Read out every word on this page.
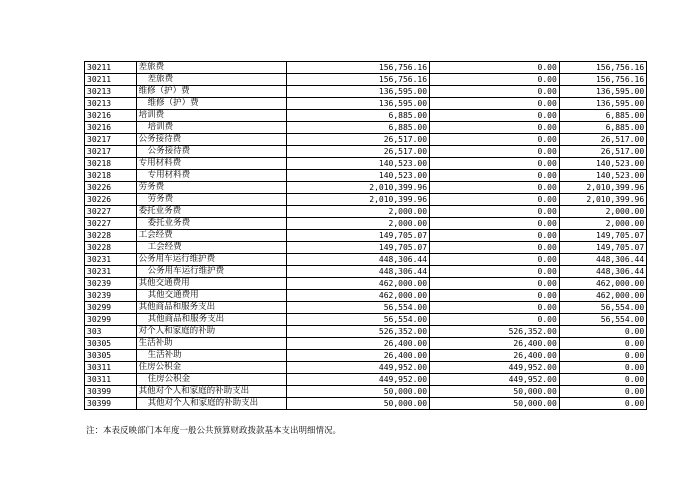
30211	差旅费	156,756.16	0.00	156,756.16	
30211	差旅费	156,756.16	0.00	156,756.16	
30213	维修（护）费	136,595.00	0.00	136,595.00	
30213	维修（护）费	136,595.00	0.00	136,595.00	
30216	培训费	6,885.00	0.00	6,885.00	
30216	培训费	6,885.00	0.00	6,885.00	
30217	公务接待费	26,517.00	0.00	26,517.00	
30217	公务接待费	26,517.00	0.00	26,517.00	
30218	专用材料费	140,523.00	0.00	140,523.00	
30218	专用材料费	140,523.00	0.00	140,523.00	
30226	劳务费	2,010,399.96	0.00	2,010,399.96	
30226	劳务费	2,010,399.96	0.00	2,010,399.96	
30227	委托业务费	2,000.00	0.00	2,000.00	
30227	委托业务费	2,000.00	0.00	2,000.00	
30228	工会经费	149,705.07	0.00	149,705.07	
30228	工会经费	149,705.07	0.00	149,705.07	
30231	公务用车运行维护费	448,306.44	0.00	448,306.44	
30231	公务用车运行维护费	448,306.44	0.00	448,306.44	
30239	其他交通费用	462,000.00	0.00	462,000.00	
30239	其他交通费用	462,000.00	0.00	462,000.00	
30299	其他商品和服务支出	56,554.00	0.00	56,554.00	
30299	其他商品和服务支出	56,554.00	0.00	56,554.00	
303	对个人和家庭的补助	526,352.00	526,352.00	0.00	
30305	生活补助	26,400.00	26,400.00	0.00	
30305	生活补助	26,400.00	26,400.00	0.00	
30311	住房公积金	449,952.00	449,952.00	0.00	
30311	住房公积金	449,952.00	449,952.00	0.00	
30399	其他对个人和家庭的补助支出	50,000.00	50,000.00	0.00	
30399	其他对个人和家庭的补助支出	50,000.00	50,000.00	0.00	
注：本表反映部门本年度一般公共预算财政拨款基本支出明细情况。
